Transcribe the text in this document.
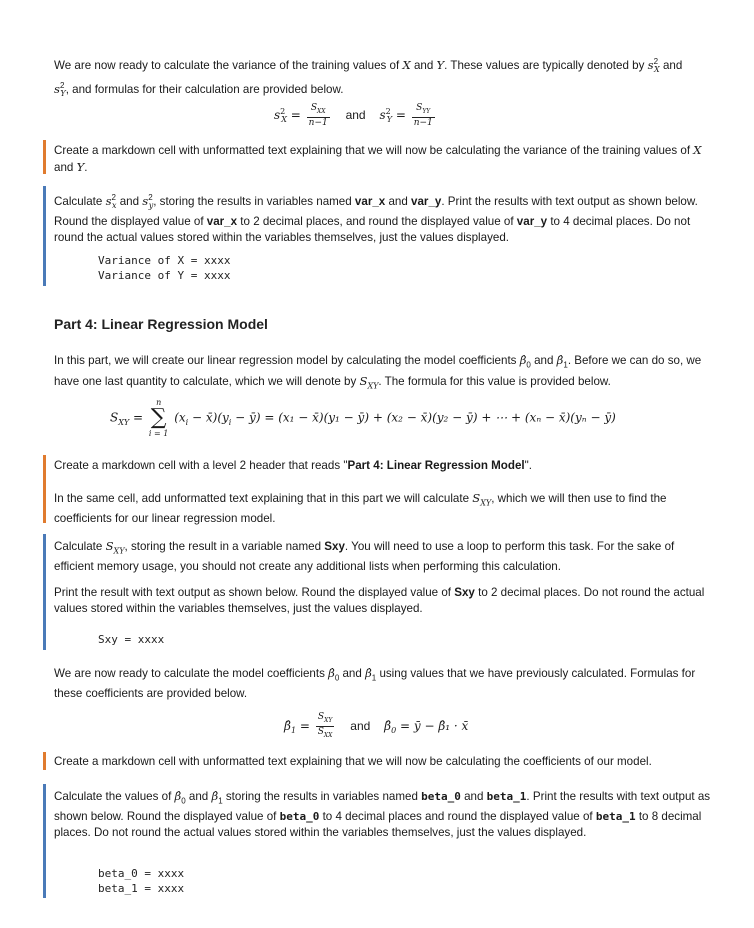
We are now ready to calculate the variance of the training values of X and Y. These values are typically denoted by $s^2_X$ and
$s^2_Y$, and formulas for their calculation are provided below.

$s^2_X = \frac{S_{XX}}{n-1}$ and $s^2_Y = \frac{S_{YY}}{n-1}$

Create a markdown cell with unformatted text explaining that we will now be calculating the variance of the training values of X and Y.

Calculate $s^2_x$ and $s^2_y$, storing the results in variables named var_x and var_y. Print the results with text output as shown below. Round the displayed value of var_x to 2 decimal places, and round the displayed value of var_y to 4 decimal places. Do not round the actual values stored within the variables themselves, just the values displayed.

Variance of X = xxxx
Variance of Y = xxxx
Part 4: Linear Regression Model

In this part, we will create our linear regression model by calculating the model coefficients $\betâ_0$ and $\betâ_1$. Before we can do so, we have one last quantity to calculate, which we will denote by $S_{XY}$. The formula for this value is provided below.

$S_{XY}$ =
n
∑
i = 1
($x_i$ − $x̄)(y_i$ − ȳ) = (x₁ − x̄)(y₁ − ȳ) + (x₂ − x̄)(y₂ − ȳ) + ⋯ + (xₙ − x̄)(yₙ − ȳ)

Create a markdown cell with a level 2 header that reads "Part 4: Linear Regression Model".

In the same cell, add unformatted text explaining that in this part we will calculate $S_{XY}$, which we will then use to find the coefficients for our linear regression model.

Calculate $S_{XY}$, storing the result in a variable named Sxy. You will need to use a loop to perform this task. For the sake of efficient memory usage, you should not create any additional lists when performing this calculation.

Print the result with text output as shown below. Round the displayed value of Sxy to 2 decimal places. Do not round the actual values stored within the variables themselves, just the values displayed.

Sxy = xxxx

We are now ready to calculate the model coefficients $\betâ_0$ and $\betâ_1$ using values that we have previously calculated. Formulas for these coefficients are provided below.

$\betâ_1 = \frac{S_{XY}}{S_{XX}}$ and $\betâ_0$ = ȳ − β̂₁ · x̄

Create a markdown cell with unformatted text explaining that we will now be calculating the coefficients of our model.

Calculate the values of $\betâ_0$ and $\betâ_1$ storing the results in variables named beta_0 and beta_1. Print the results with text output as shown below. Round the displayed value of beta_0 to 4 decimal places and round the displayed value of beta_1 to 8 decimal places. Do not round the actual values stored within the variables themselves, just the values displayed.

beta_0 = xxxx
beta_1 = xxxx
